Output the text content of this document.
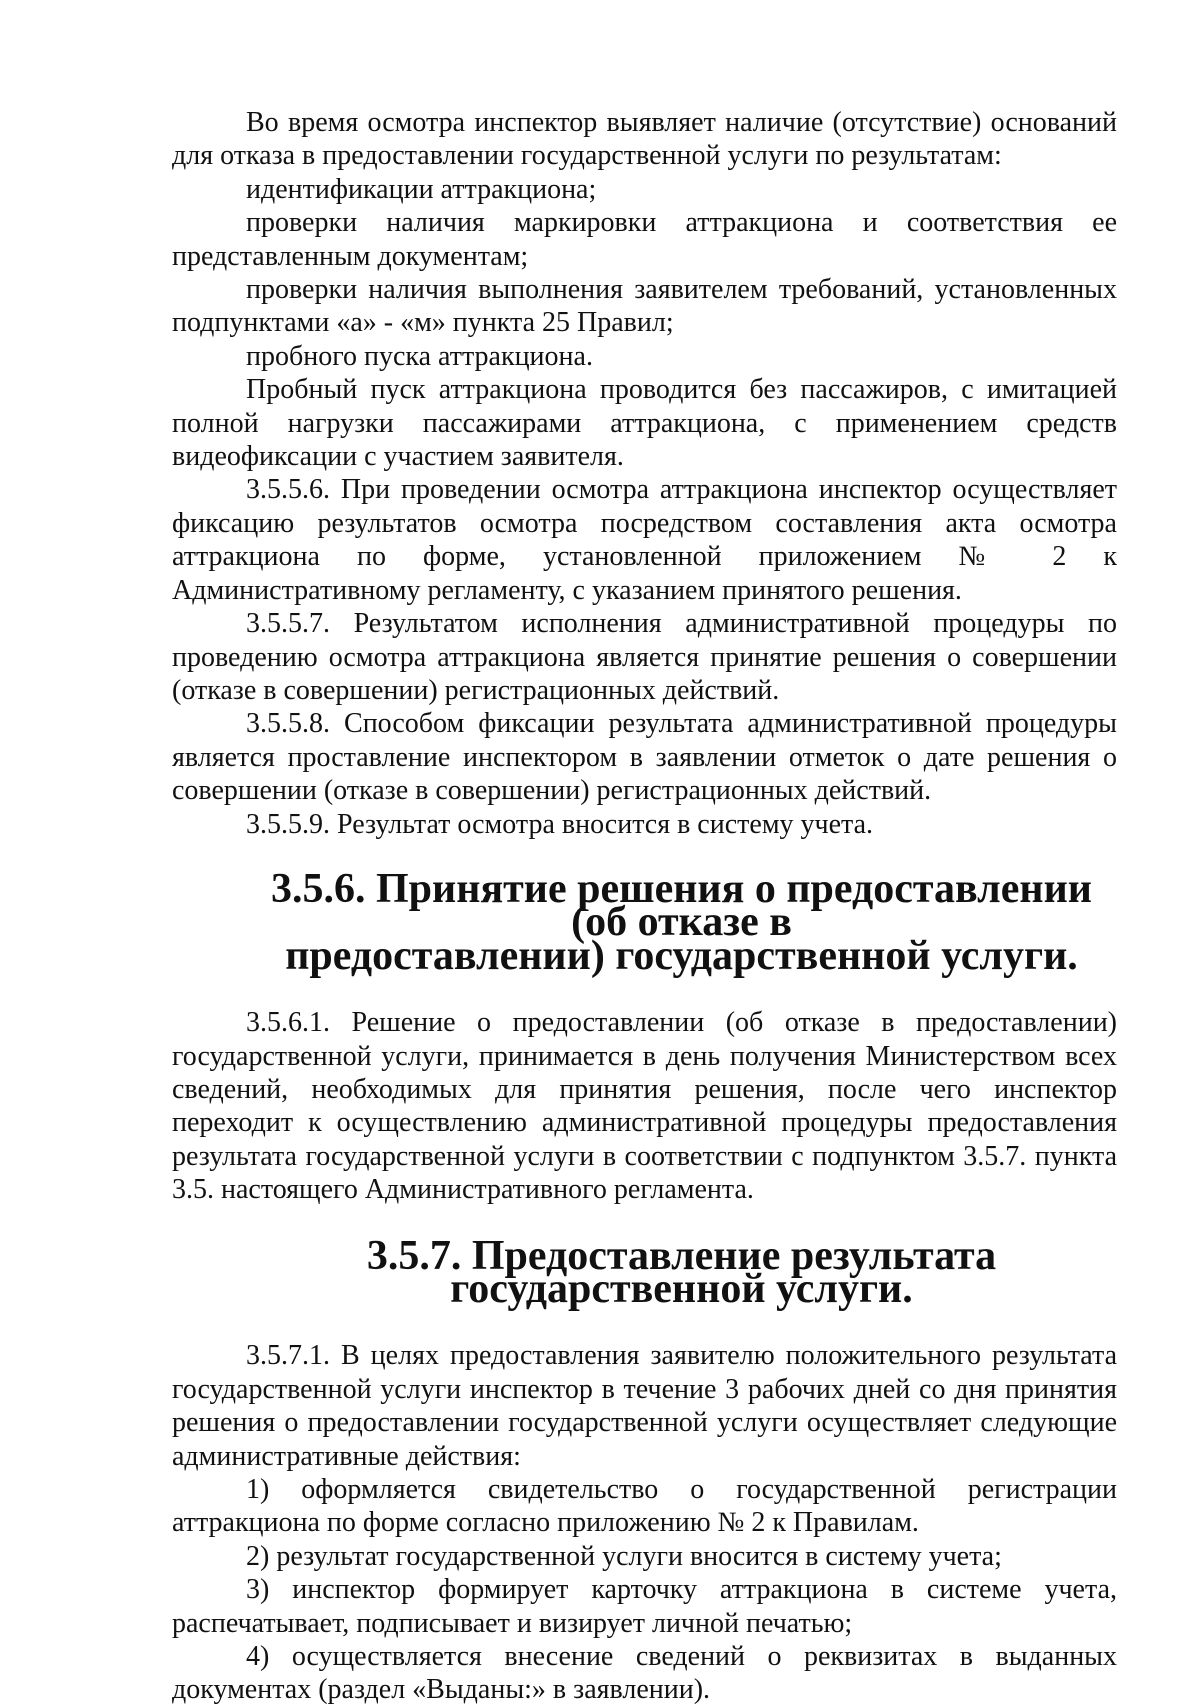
Во время осмотра инспектор выявляет наличие (отсутствие) оснований для отказа в предоставлении государственной услуги по результатам:

идентификации аттракциона;

проверки наличия маркировки аттракциона и соответствия ее представленным документам;

проверки наличия выполнения заявителем требований, установленных подпунктами «а» - «м» пункта 25 Правил;

пробного пуска аттракциона.

Пробный пуск аттракциона проводится без пассажиров, с имитацией полной нагрузки пассажирами аттракциона, с применением средств видеофиксации с участием заявителя.

3.5.5.6. При проведении осмотра аттракциона инспектор осуществляет фиксацию результатов осмотра посредством составления акта осмотра аттракциона по форме, установленной приложением № 2 к Административному регламенту, с указанием принятого решения.

3.5.5.7. Результатом исполнения административной процедуры по проведению осмотра аттракциона является принятие решения о совершении (отказе в совершении) регистрационных действий.

3.5.5.8. Способом фиксации результата административной процедуры является проставление инспектором в заявлении отметок о дате решения о совершении (отказе в совершении) регистрационных действий.

3.5.5.9. Результат осмотра вносится в систему учета.

3.5.6. Принятие решения о предоставлении (об отказе в
предоставлении) государственной услуги.

3.5.6.1. Решение о предоставлении (об отказе в предоставлении) государственной услуги, принимается в день получения Министерством всех сведений, необходимых для принятия решения, после чего инспектор переходит к осуществлению административной процедуры предоставления результата государственной услуги в соответствии с подпунктом 3.5.7. пункта 3.5. настоящего Административного регламента.

3.5.7. Предоставление результата государственной услуги.

3.5.7.1. В целях предоставления заявителю положительного результата государственной услуги инспектор в течение 3 рабочих дней со дня принятия решения о предоставлении государственной услуги осуществляет следующие административные действия:

1) оформляется свидетельство о государственной регистрации аттракциона по форме согласно приложению № 2 к Правилам.

2) результат государственной услуги вносится в систему учета;

3) инспектор формирует карточку аттракциона в системе учета, распечатывает, подписывает и визирует личной печатью;

4) осуществляется внесение сведений о реквизитах в выданных документах (раздел «Выданы:» в заявлении).
